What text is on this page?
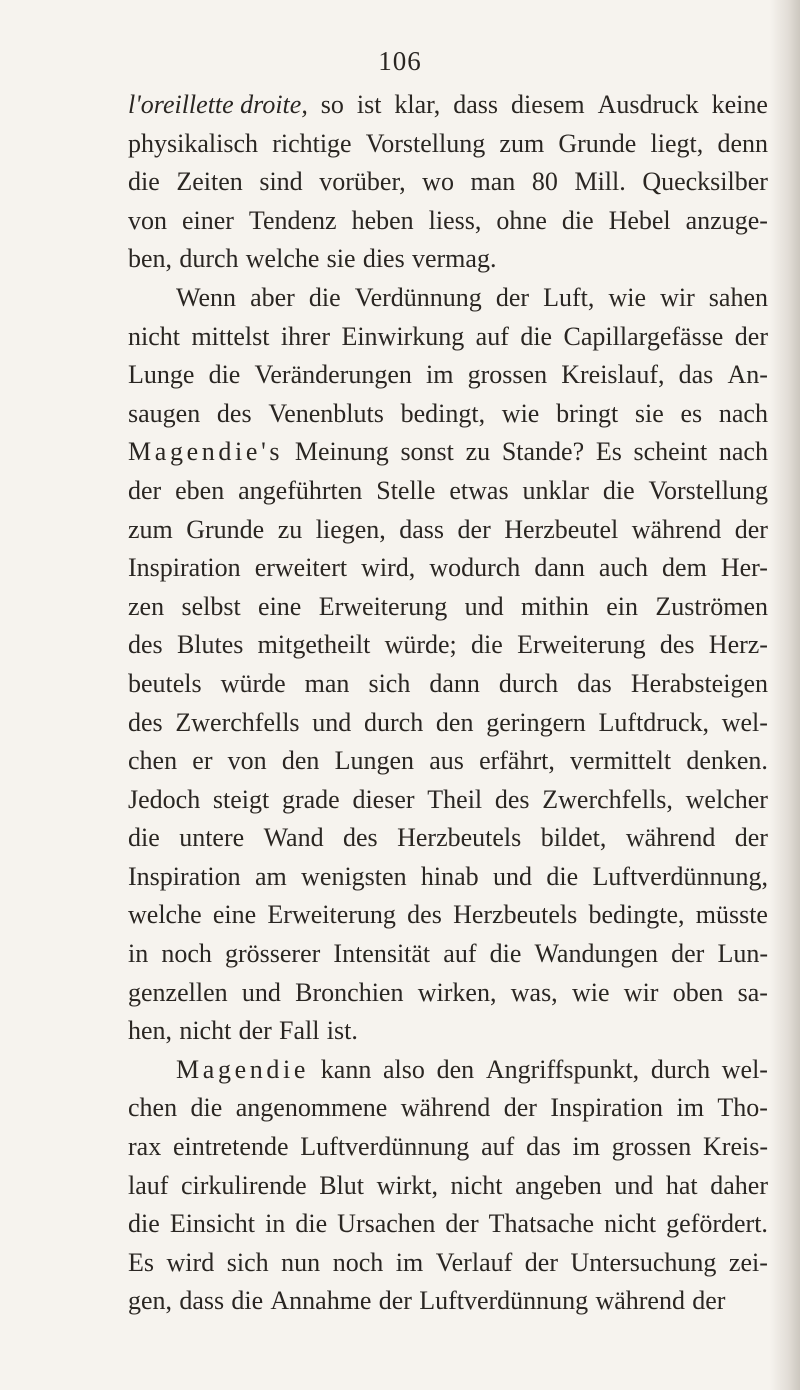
106
l'oreillette droite, so ist klar, dass diesem Ausdruck keine
physikalisch richtige Vorstellung zum Grunde liegt, denn
die Zeiten sind vorüber, wo man 80 Mill. Quecksilber
von einer Tendenz heben liess, ohne die Hebel anzuge-
ben, durch welche sie dies vermag.
Wenn aber die Verdünnung der Luft, wie wir sahen
nicht mittelst ihrer Einwirkung auf die Capillargefässe der
Lunge die Veränderungen im grossen Kreislauf, das An-
saugen des Venenbluts bedingt, wie bringt sie es nach
Magendie's Meinung sonst zu Stande? Es scheint nach
der eben angeführten Stelle etwas unklar die Vorstellung
zum Grunde zu liegen, dass der Herzbeutel während der
Inspiration erweitert wird, wodurch dann auch dem Her-
zen selbst eine Erweiterung und mithin ein Zuströmen
des Blutes mitgetheilt würde; die Erweiterung des Herz-
beutels würde man sich dann durch das Herabsteigen
des Zwerchfells und durch den geringern Luftdruck, wel-
chen er von den Lungen aus erfährt, vermittelt denken.
Jedoch steigt grade dieser Theil des Zwerchfells, welcher
die untere Wand des Herzbeutels bildet, während der
Inspiration am wenigsten hinab und die Luftverdünnung,
welche eine Erweiterung des Herzbeutels bedingte, müsste
in noch grösserer Intensität auf die Wandungen der Lun-
genzellen und Bronchien wirken, was, wie wir oben sa-
hen, nicht der Fall ist.
Magendie kann also den Angriffspunkt, durch wel-
chen die angenommene während der Inspiration im Tho-
rax eintretende Luftverdünnung auf das im grossen Kreis-
lauf cirkulirende Blut wirkt, nicht angeben und hat daher
die Einsicht in die Ursachen der Thatsache nicht gefördert.
Es wird sich nun noch im Verlauf der Untersuchung zei-
gen, dass die Annahme der Luftverdünnung während der
